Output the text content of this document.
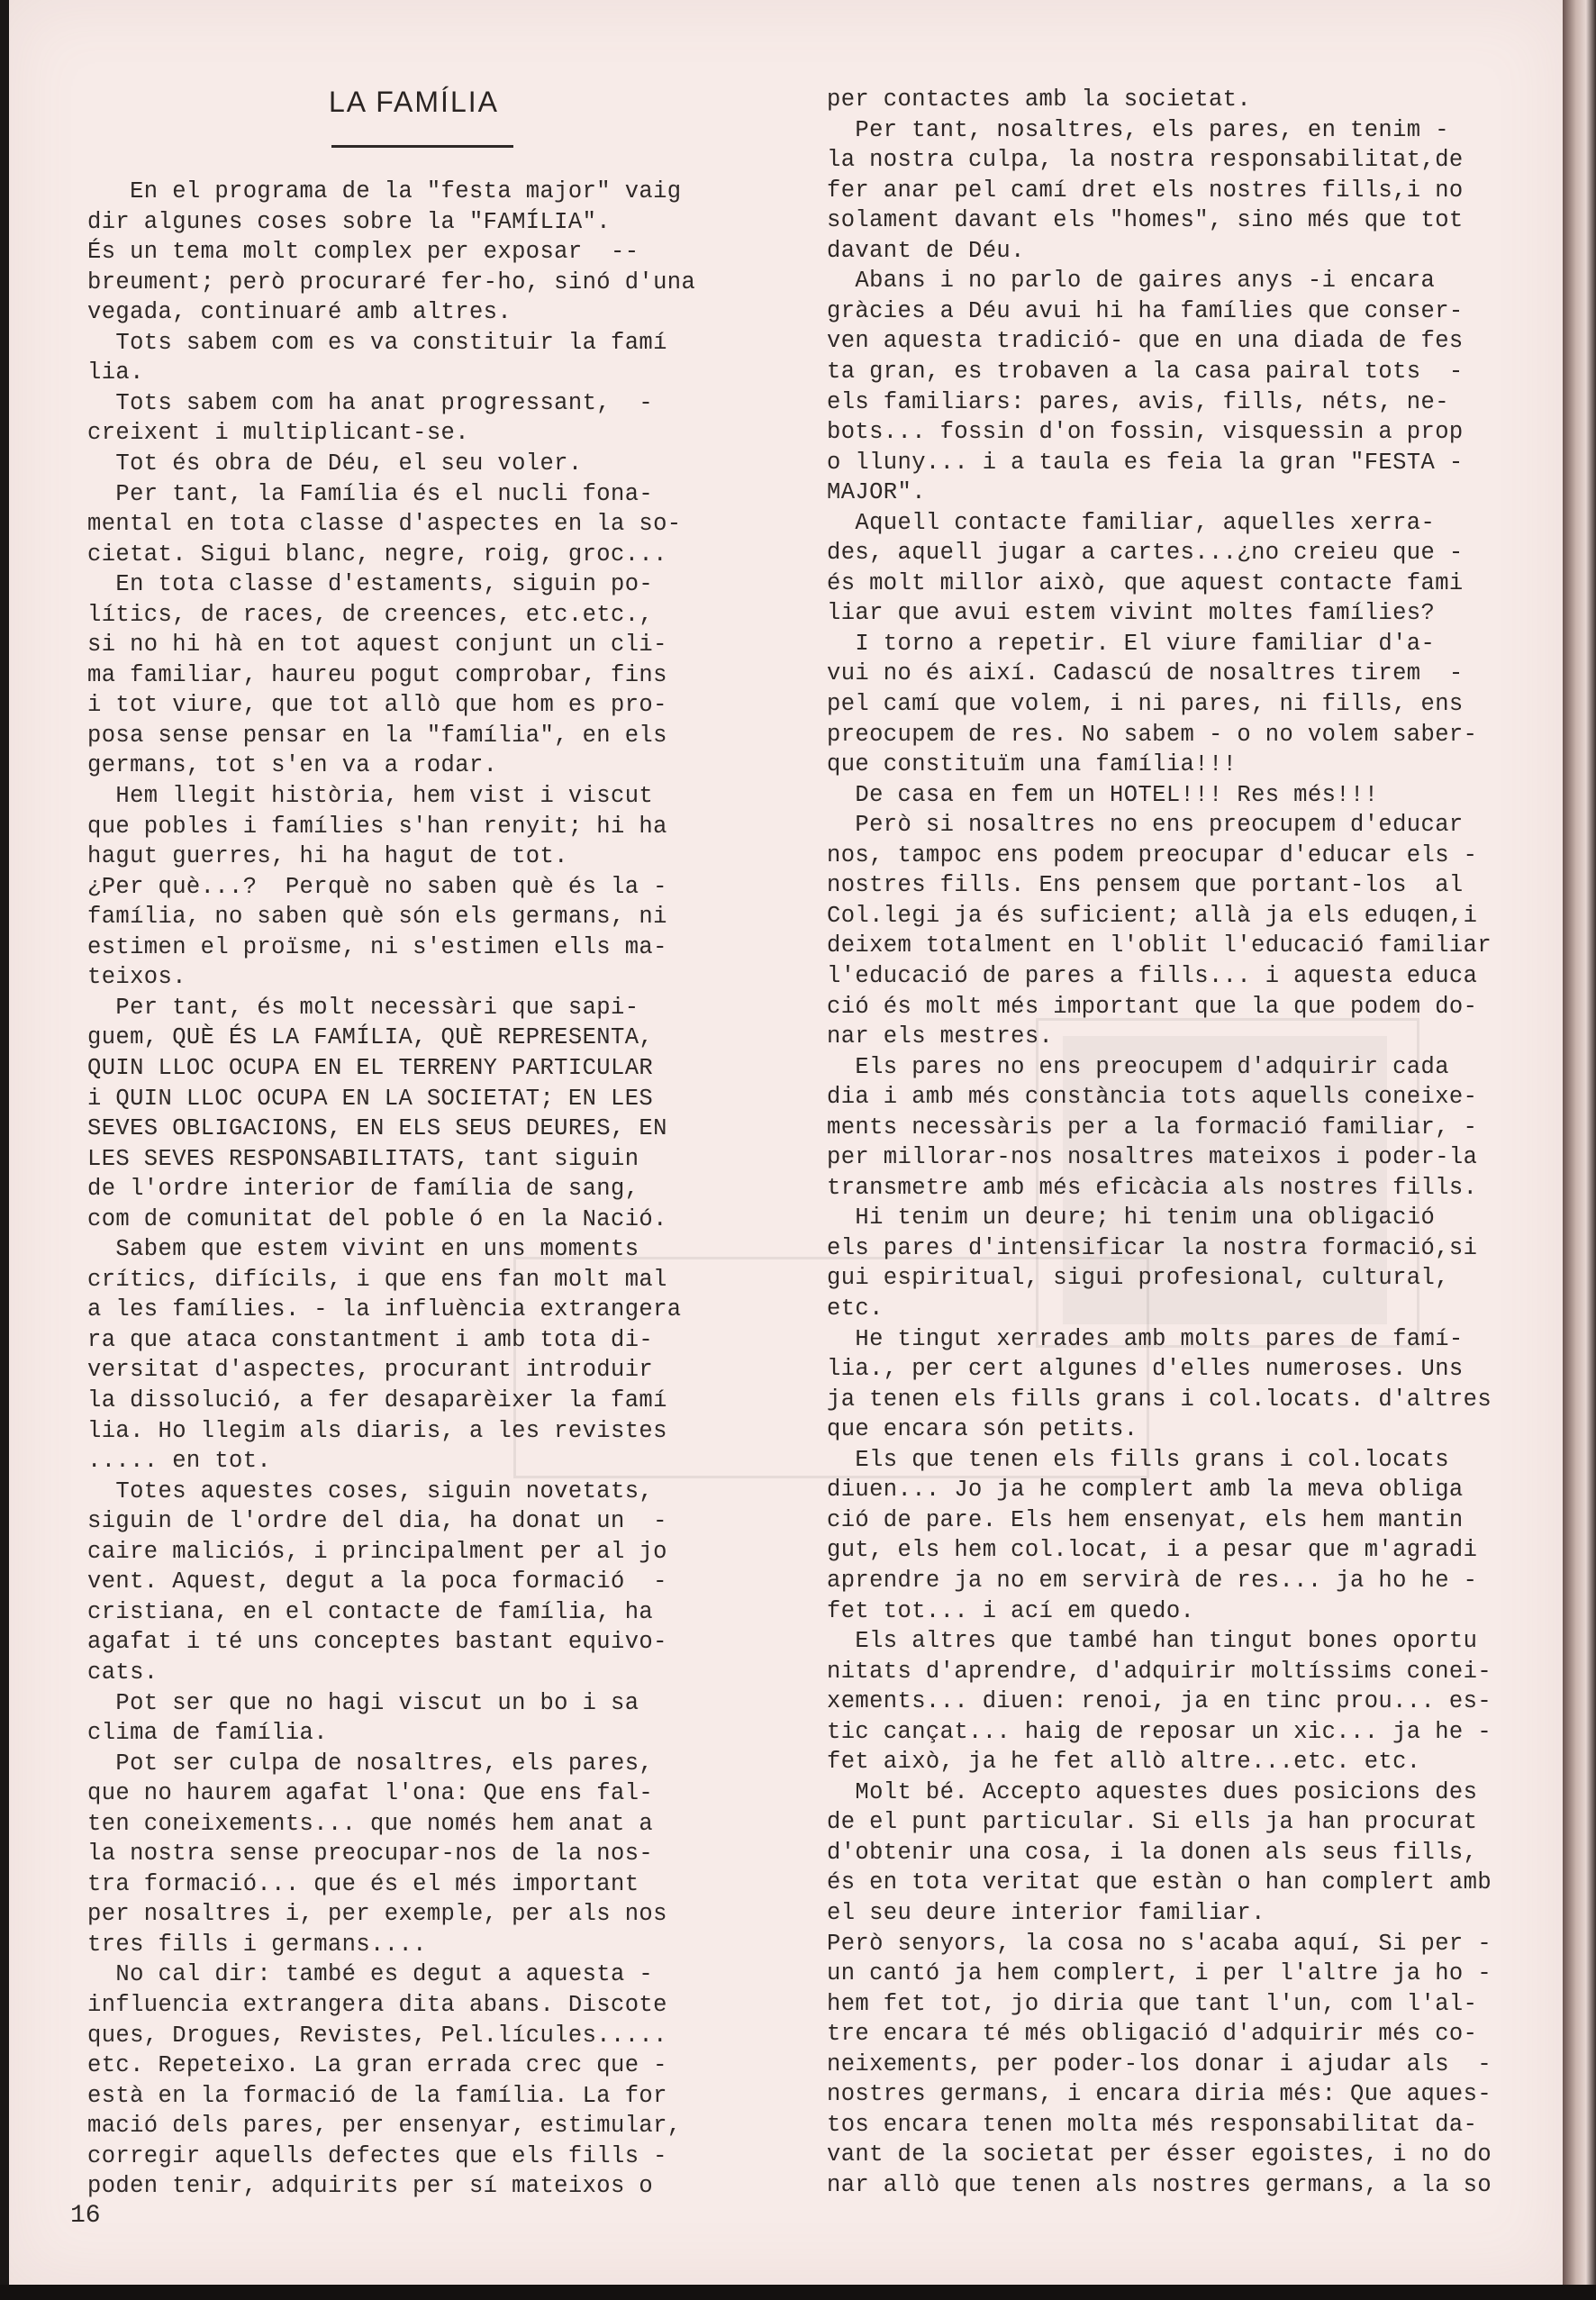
LA FAMÍLIA
En el programa de la "festa major" vaig
dir algunes coses sobre la "FAMÍLIA".
És un tema molt complex per exposar  --
breument; però procuraré fer-ho, sinó d'una
vegada, continuaré amb altres.
Tots sabem com es va constituir la famí
lia.
Tots sabem com ha anat progressant,  -
creixent i multiplicant-se.
Tot és obra de Déu, el seu voler.
Per tant, la Família és el nucli fona-
mental en tota classe d'aspectes en la so-
cietat. Sigui blanc, negre, roig, groc...
En tota classe d'estaments, siguin po-
lítics, de races, de creences, etc.etc.,
si no hi hà en tot aquest conjunt un cli-
ma familiar, haureu pogut comprobar, fins
i tot viure, que tot allò que hom es pro-
posa sense pensar en la "família", en els
germans, tot s'en va a rodar.
Hem llegit història, hem vist i viscut
que pobles i famílies s'han renyit; hi ha
hagut guerres, hi ha hagut de tot.
¿Per què...?  Perquè no saben què és la -
família, no saben què són els germans, ni
estimen el proïsme, ni s'estimen ells ma-
teixos.
Per tant, és molt necessàri que sapi-
guem, QUÈ ÉS LA FAMÍLIA, QUÈ REPRESENTA,
QUIN LLOC OCUPA EN EL TERRENY PARTICULAR
i QUIN LLOC OCUPA EN LA SOCIETAT; EN LES
SEVES OBLIGACIONS, EN ELS SEUS DEURES, EN
LES SEVES RESPONSABILITATS, tant siguin
de l'ordre interior de família de sang,
com de comunitat del poble ó en la Nació.
Sabem que estem vivint en uns moments
crítics, difícils, i que ens fan molt mal
a les famílies. - la influència extrangera
ra que ataca constantment i amb tota di-
versitat d'aspectes, procurant introduir
la dissolució, a fer desaparèixer la famí
lia. Ho llegim als diaris, a les revistes
..... en tot.
Totes aquestes coses, siguin novetats,
siguin de l'ordre del dia, ha donat un  -
caire maliciós, i principalment per al jo
vent. Aquest, degut a la poca formació  -
cristiana, en el contacte de família, ha
agafat i té uns conceptes bastant equivo-
cats.
Pot ser que no hagi viscut un bo i sa
clima de família.
Pot ser culpa de nosaltres, els pares,
que no haurem agafat l'ona: Que ens fal-
ten coneixements... que només hem anat a
la nostra sense preocupar-nos de la nos-
tra formació... que és el més important
per nosaltres i, per exemple, per als nos
tres fills i germans....
No cal dir: també es degut a aquesta -
influencia extrangera dita abans. Discote
ques, Drogues, Revistes, Pel.lícules.....
etc. Repeteixo. La gran errada crec que -
està en la formació de la família. La for
mació dels pares, per ensenyar, estimular,
corregir aquells defectes que els fills -
poden tenir, adquirits per sí mateixos o
per contactes amb la societat.
Per tant, nosaltres, els pares, en tenim -
la nostra culpa, la nostra responsabilitat,de
fer anar pel camí dret els nostres fills,i no
solament davant els "homes", sino més que tot
davant de Déu.
Abans i no parlo de gaires anys -i encara
gràcies a Déu avui hi ha famílies que conser-
ven aquesta tradició- que en una diada de fes
ta gran, es trobaven a la casa pairal tots  -
els familiars: pares, avis, fills, néts, ne-
bots... fossin d'on fossin, visquessin a prop
o lluny... i a taula es feia la gran "FESTA -
MAJOR".
Aquell contacte familiar, aquelles xerra-
des, aquell jugar a cartes...¿no creieu que -
és molt millor això, que aquest contacte fami
liar que avui estem vivint moltes famílies?
I torno a repetir. El viure familiar d'a-
vui no és així. Cadascú de nosaltres tirem  -
pel camí que volem, i ni pares, ni fills, ens
preocupem de res. No sabem - o no volem saber-
que constituïm una família!!!
De casa en fem un HOTEL!!! Res més!!!
Però si nosaltres no ens preocupem d'educar
nos, tampoc ens podem preocupar d'educar els -
nostres fills. Ens pensem que portant-los  al
Col.legi ja és suficient; allà ja els eduqen,i
deixem totalment en l'oblit l'educació familiar
l'educació de pares a fills... i aquesta educa
ció és molt més important que la que podem do-
nar els mestres.
Els pares no ens preocupem d'adquirir cada
dia i amb més constància tots aquells coneixe-
ments necessàris per a la formació familiar, -
per millorar-nos nosaltres mateixos i poder-la
transmetre amb més eficàcia als nostres fills.
Hi tenim un deure; hi tenim una obligació
els pares d'intensificar la nostra formació,si
gui espiritual, sigui profesional, cultural,
etc.
He tingut xerrades amb molts pares de famí-
lia., per cert algunes d'elles numeroses. Uns
ja tenen els fills grans i col.locats. d'altres
que encara són petits.
Els que tenen els fills grans i col.locats
diuen... Jo ja he complert amb la meva obliga
ció de pare. Els hem ensenyat, els hem mantin
gut, els hem col.locat, i a pesar que m'agradi
aprendre ja no em servirà de res... ja ho he -
fet tot... i ací em quedo.
Els altres que també han tingut bones oportu
nitats d'aprendre, d'adquirir moltíssims conei-
xements... diuen: renoi, ja en tinc prou... es-
tic cançat... haig de reposar un xic... ja he -
fet això, ja he fet allò altre...etc. etc.
Molt bé. Accepto aquestes dues posicions des
de el punt particular. Si ells ja han procurat
d'obtenir una cosa, i la donen als seus fills,
és en tota veritat que estàn o han complert amb
el seu deure interior familiar.
Però senyors, la cosa no s'acaba aquí, Si per -
un cantó ja hem complert, i per l'altre ja ho -
hem fet tot, jo diria que tant l'un, com l'al-
tre encara té més obligació d'adquirir més co-
neixements, per poder-los donar i ajudar als  -
nostres germans, i encara diria més: Que aques-
tos encara tenen molta més responsabilitat da-
vant de la societat per ésser egoistes, i no do
nar allò que tenen als nostres germans, a la so
16
